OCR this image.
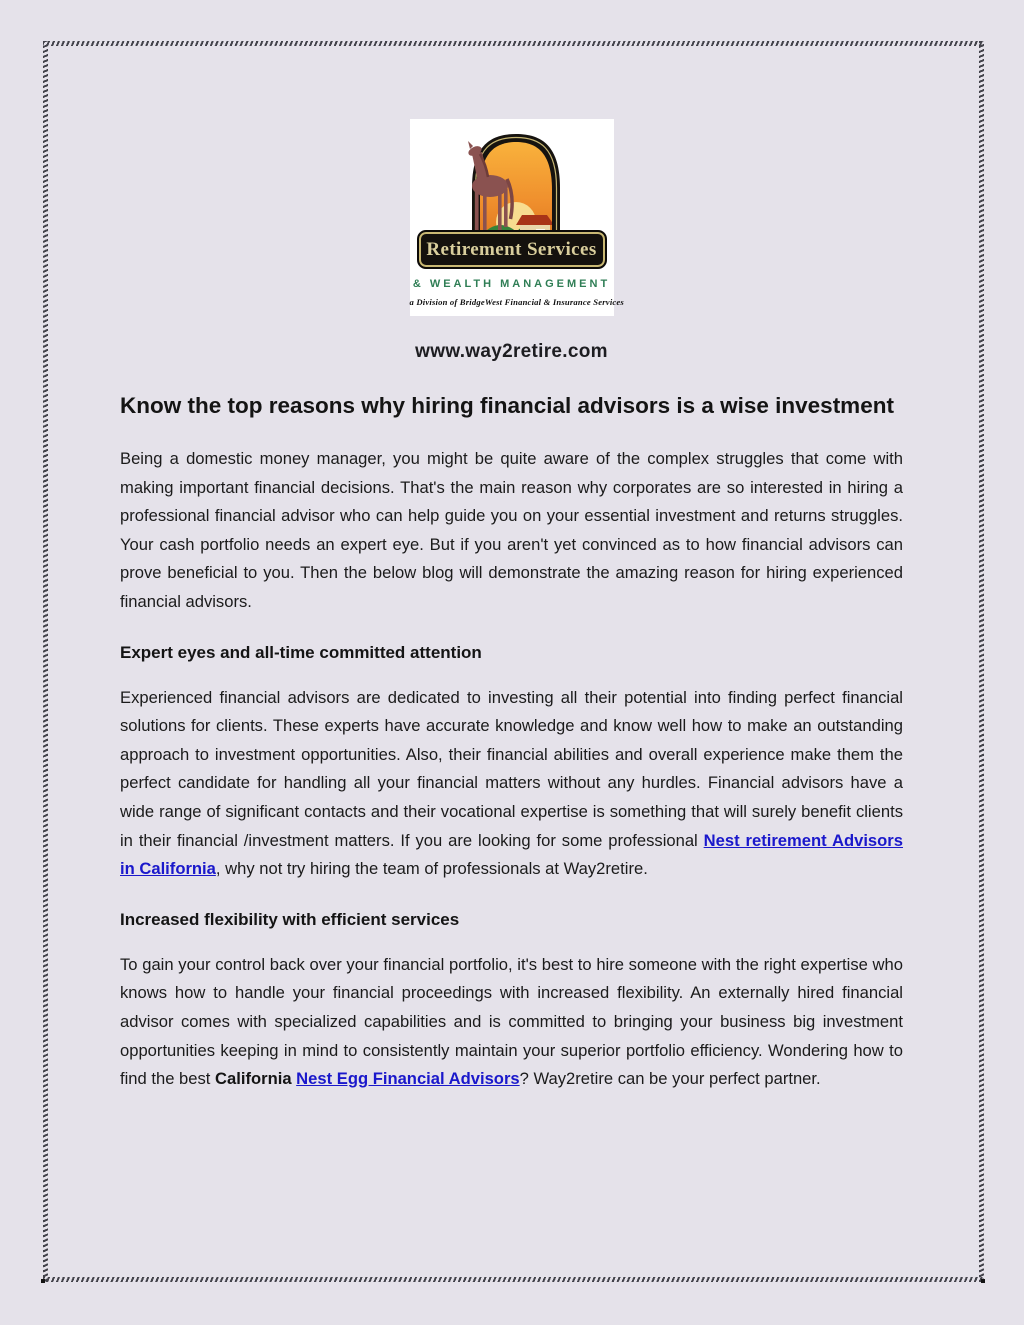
Retirement Services
& WEALTH MANAGEMENT
a Division of BridgeWest Financial & Insurance Services
www.way2retire.com
Know the top reasons why hiring financial advisors is a wise investment

Being a domestic money manager, you might be quite aware of the complex struggles that come with making important financial decisions. That's the main reason why corporates are so interested in hiring a professional financial advisor who can help guide you on your essential investment and returns struggles. Your cash portfolio needs an expert eye. But if you aren't yet convinced as to how financial advisors can prove beneficial to you. Then the below blog will demonstrate the amazing reason for hiring experienced financial advisors.

Expert eyes and all-time committed attention

Experienced financial advisors are dedicated to investing all their potential into finding perfect financial solutions for clients. These experts have accurate knowledge and know well how to make an outstanding approach to investment opportunities. Also, their financial abilities and overall experience make them the perfect candidate for handling all your financial matters without any hurdles. Financial advisors have a wide range of significant contacts and their vocational expertise is something that will surely benefit clients in their financial /investment matters. If you are looking for some professional Nest retirement Advisors in California, why not try hiring the team of professionals at Way2retire.

Increased flexibility with efficient services

To gain your control back over your financial portfolio, it's best to hire someone with the right expertise who knows how to handle your financial proceedings with increased flexibility. An externally hired financial advisor comes with specialized capabilities and is committed to bringing your business big investment opportunities keeping in mind to consistently maintain your superior portfolio efficiency. Wondering how to find the best California Nest Egg Financial Advisors? Way2retire can be your perfect partner.
